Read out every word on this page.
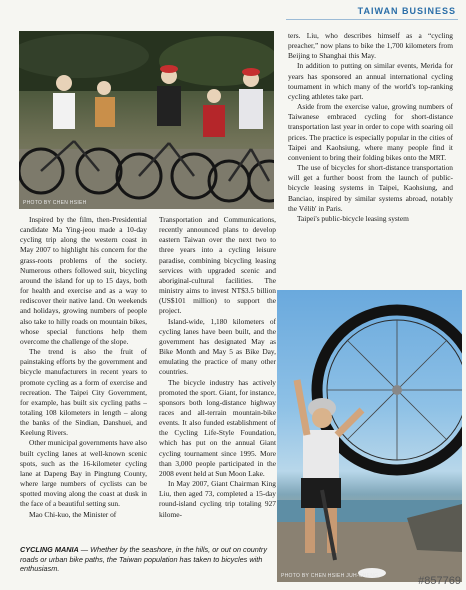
TAIWAN BUSINESS
PHOTO BY CHEN HSIEH
PHOTO BY CHEN HSIEH JUH-CHENG

Inspired by the film, then-Presidential candidate Ma Ying-jeou made a 10-day cycling trip along the western coast in May 2007 to highlight his concern for the grass-roots problems of the society. Numerous others followed suit, bicycling around the island for up to 15 days, both for health and exercise and as a way to rediscover their native land. On weekends and holidays, growing numbers of people also take to hilly roads on mountain bikes, whose special functions help them overcome the challenge of the slope.

The trend is also the fruit of painstaking efforts by the government and bicycle manufacturers in recent years to promote cycling as a form of exercise and recreation. The Taipei City Government, for example, has built six cycling paths – totaling 108 kilometers in length – along the banks of the Sindian, Danshuei, and Keelung Rivers.

Other municipal governments have also built cycling lanes at well-known scenic spots, such as the 16-kilometer cycling lane at Dapeng Bay in Pingtung County, where large numbers of cyclists can be spotted moving along the coast at dusk in the face of a beautiful setting sun.

Mao Chi-kuo, the Minister of

Transportation and Communications, recently announced plans to develop eastern Taiwan over the next two to three years into a cycling leisure paradise, combining bicycling leasing services with upgraded scenic and aboriginal-cultural facilities. The ministry aims to invest NT$3.5 billion (US$101 million) to support the project.

Island-wide, 1,180 kilometers of cycling lanes have been built, and the government has designated May as Bike Month and May 5 as Bike Day, emulating the practice of many other countries.

The bicycle industry has actively promoted the sport. Giant, for instance, sponsors both long-distance highway races and all-terrain mountain-bike events. It also funded establishment of the Cycling Life-Style Foundation, which has put on the annual Giant cycling tournament since 1995. More than 3,000 people participated in the 2008 event held at Sun Moon Lake.

In May 2007, Giant Chairman King Liu, then aged 73, completed a 15-day round-island cycling trip totaling 927 kilome-

ters. Liu, who describes himself as a “cycling preacher,” now plans to bike the 1,700 kilometers from Beijing to Shanghai this May.

In addition to putting on similar events, Merida for years has sponsored an annual international cycling tournament in which many of the world's top-ranking cycling athletes take part.

Aside from the exercise value, growing numbers of Taiwanese embraced cycling for short-distance transportation last year in order to cope with soaring oil prices. The practice is especially popular in the cities of Taipei and Kaohsiung, where many people find it convenient to bring their folding bikes onto the MRT.

The use of bicycles for short-distance transportation will get a further boost from the launch of public-bicycle leasing systems in Taipei, Kaohsiung, and Banciao, inspired by similar systems abroad, notably the Vélib' in Paris.

Taipei's public-bicycle leasing system

CYCLING MANIA — Whether by the seashore, in the hills, or out on country roads or urban bike paths, the Taiwan population has taken to bicycles with enthusiasm.
#857769
